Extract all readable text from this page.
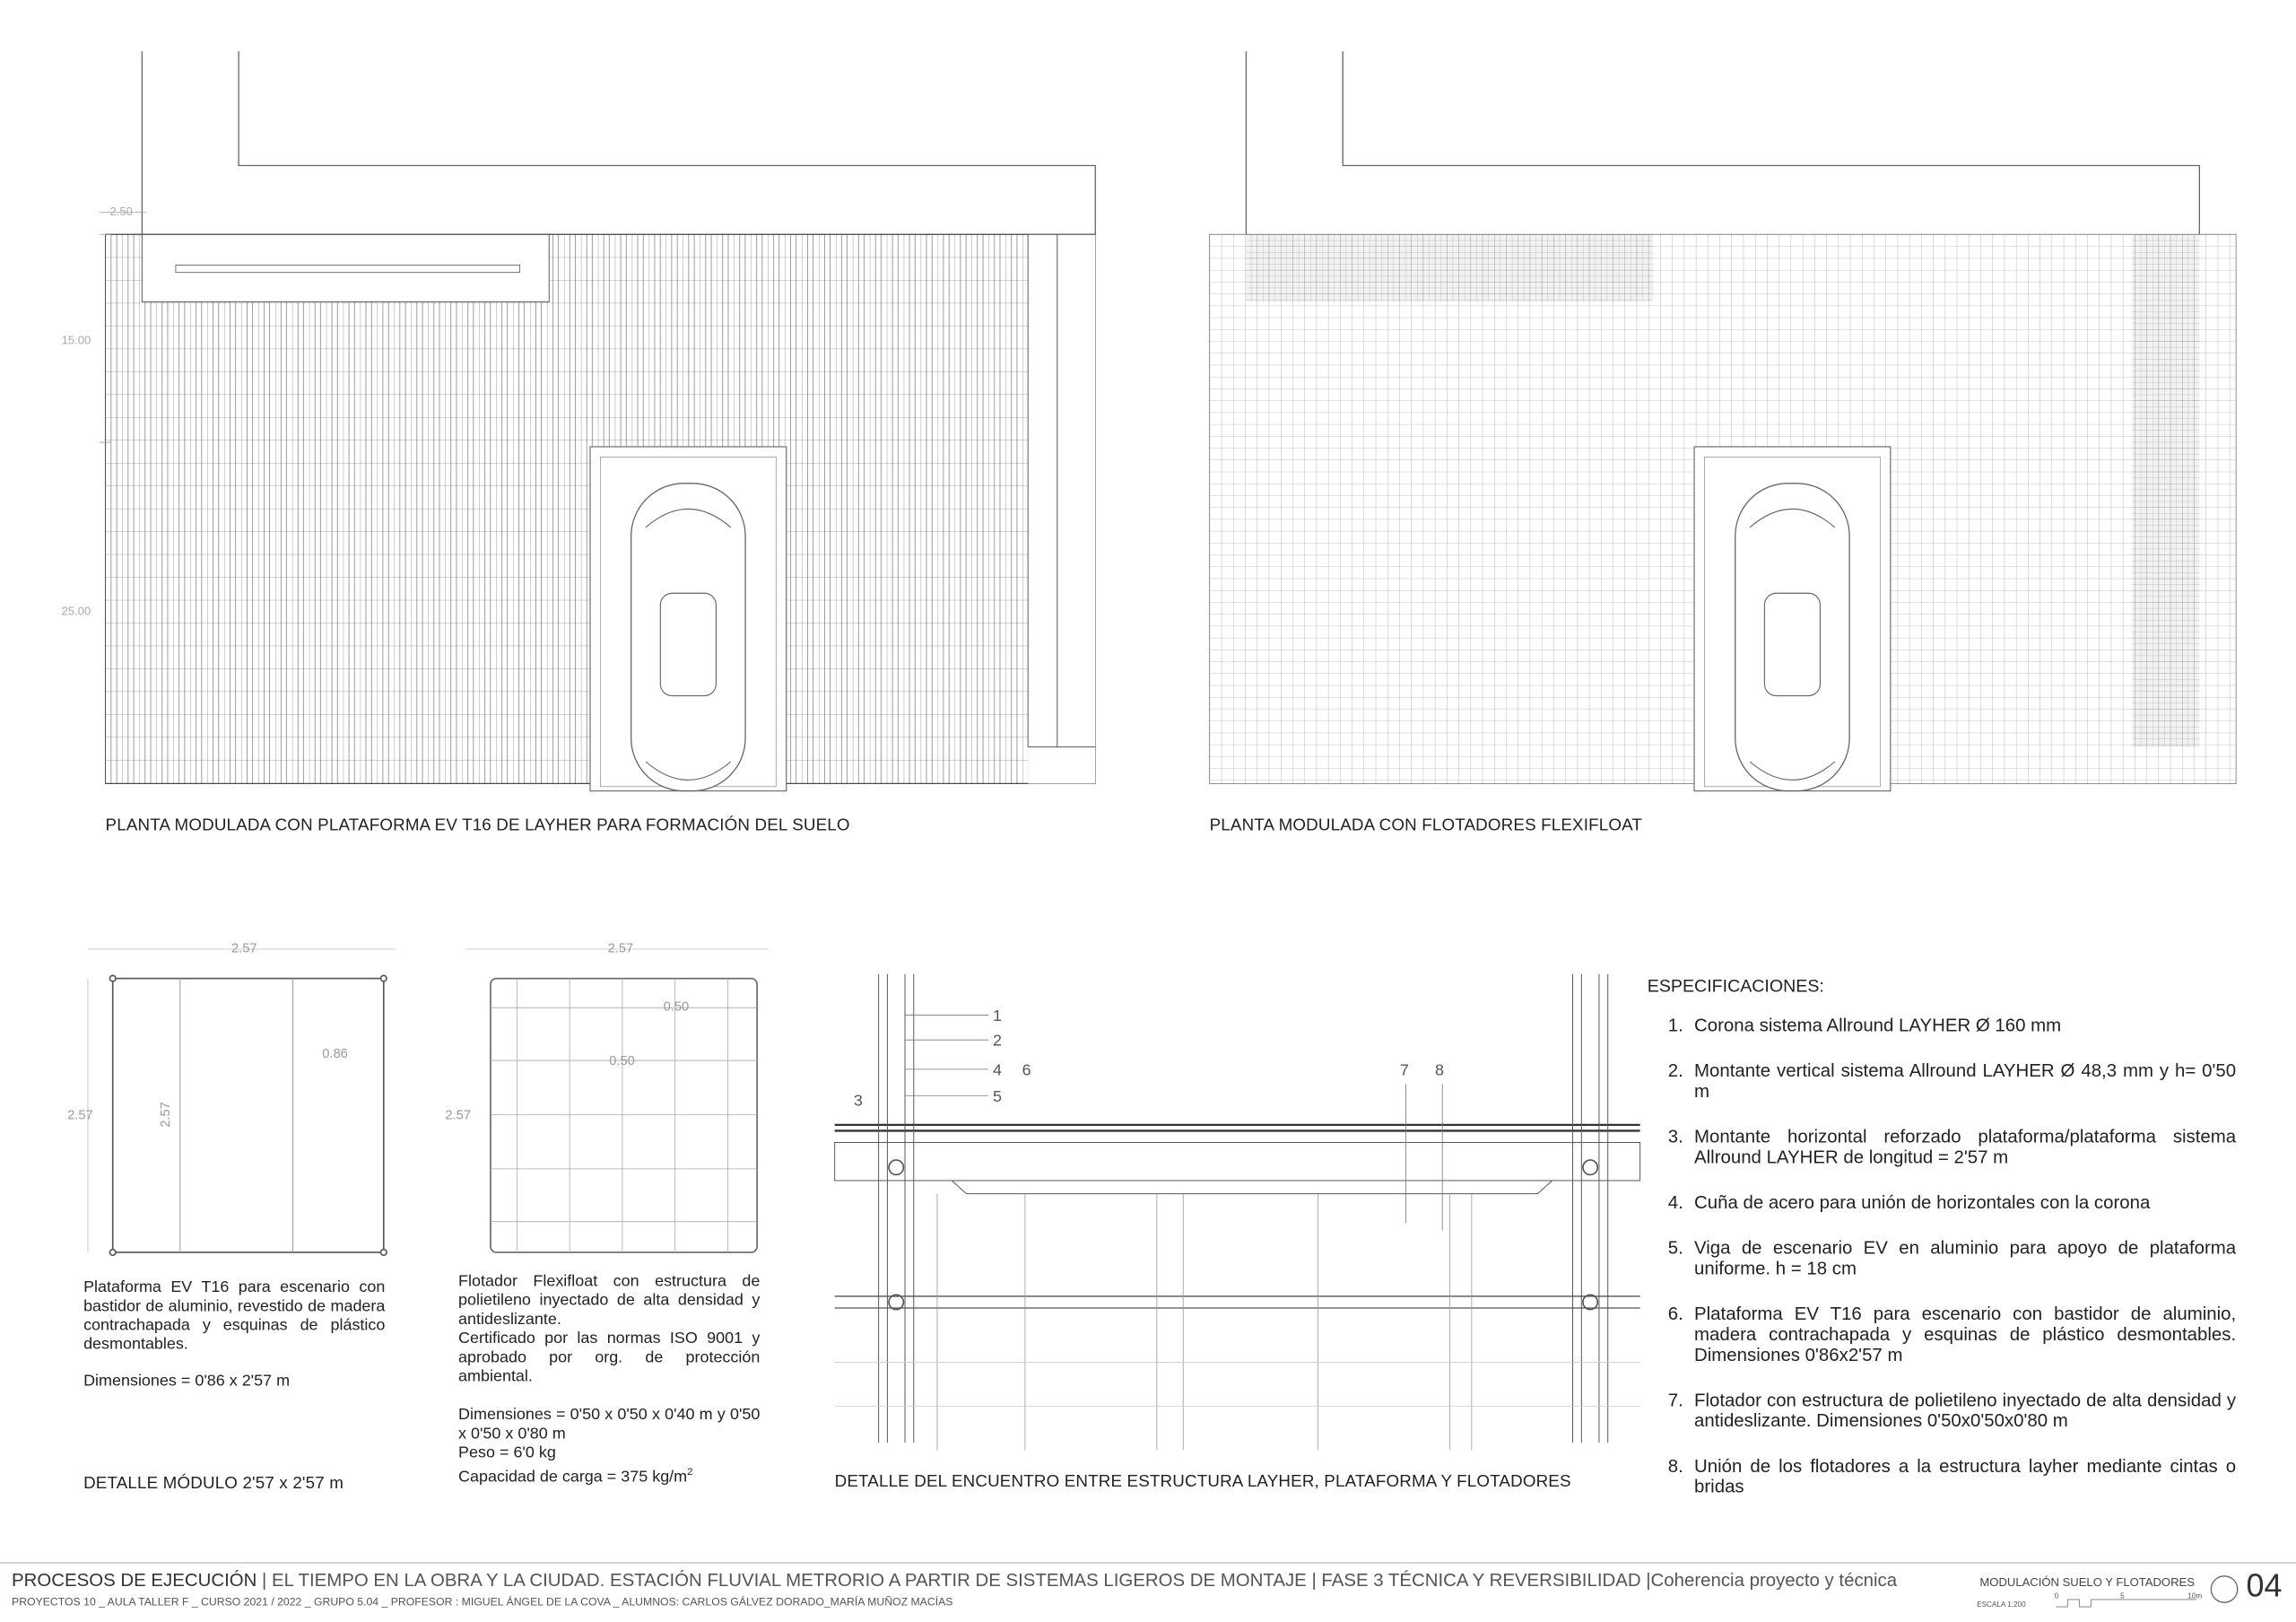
2.50
15.00
25.00
1
2
3
4
5
6	7	8
PLANTA MODULADA CON PLATAFORMA EV T16 DE LAYHER PARA FORMACIÓN DEL SUELO	PLANTA MODULADA CON FLOTADORES FLEXIFLOAT
2.57
2.57	2.57
0.86
Plataforma EV T16 para escenario con bastidor de aluminio, revestido de madera contrachapada y esquinas de plástico desmontables.
Dimensiones = 0'86 x 2'57 m
2.57
2.57
0.50
0.50
Flotador Flexifloat con estructura de polietileno inyectado de alta densidad y antideslizante.
Certificado por las normas ISO 9001 y aprobado por org. de protección ambiental.
Dimensiones = 0'50 x 0'50 x 0'40 m y 0'50 x 0'50 x 0'80 m
Peso = 6'0 kg
Capacidad de carga = 375 $kg/m^2$
DETALLE MÓDULO 2'57 x 2'57 m	DETALLE DEL ENCUENTRO ENTRE ESTRUCTURA LAYHER, PLATAFORMA Y FLOTADORES
ESPECIFICACIONES:
1. Corona sistema Allround LAYHER Ø 160 mm
2. Montante vertical sistema Allround LAYHER Ø 48,3 mm y h= 0'50 m
3. Montante horizontal reforzado plataforma/plataforma sistema Allround LAYHER de longitud = 2'57 m
4. Cuña de acero para unión de horizontales con la corona
5. Viga de escenario EV en aluminio para apoyo de plataforma uniforme. h = 18 cm
6. Plataforma EV T16 para escenario con bastidor de aluminio, madera contrachapada y esquinas de plástico desmontables. Dimensiones 0'86x2'57 m
7. Flotador con estructura de polietileno inyectado de alta densidad y antideslizante. Dimensiones 0'50x0'50x0'80 m
8. Unión de los flotadores a la estructura layher mediante cintas o bridas
PROCESOS DE EJECUCIÓN | EL TIEMPO EN LA OBRA Y LA CIUDAD. ESTACIÓN FLUVIAL METRORIO A PARTIR DE SISTEMAS LIGEROS DE MONTAJE | FASE 3 TÉCNICA Y REVERSIBILIDAD |Coherencia proyecto y técnica
PROYECTOS 10 _ AULA TALLER F _ CURSO 2021 / 2022 _ GRUPO 5.04 _ PROFESOR : MIGUEL ÁNGEL DE LA COVA _ ALUMNOS: CARLOS GÁLVEZ DORADO_MARÍA MUÑOZ MACÍAS
MODULACIÓN SUELO Y FLOTADORES
ESCALA 1:200
0	5	10m 04
